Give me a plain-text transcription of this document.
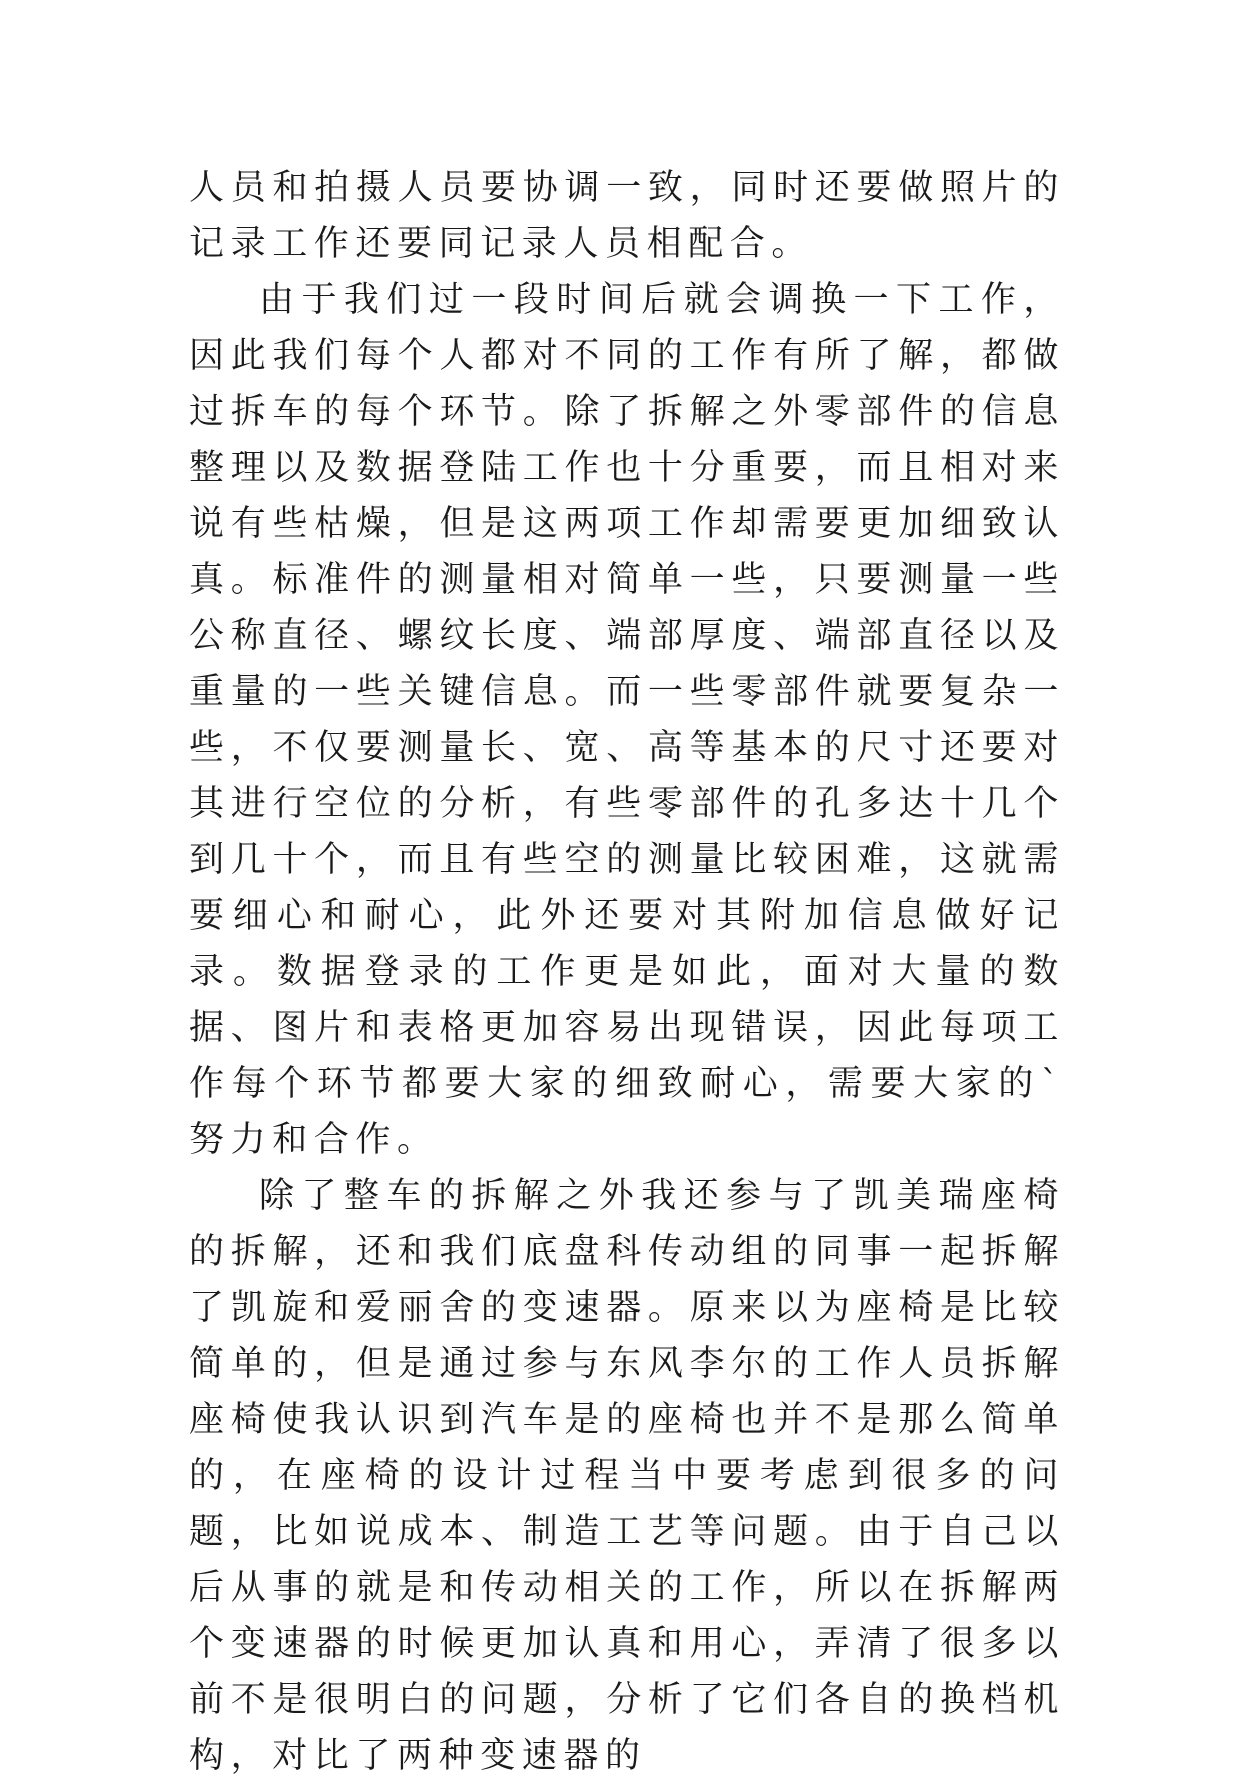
人员和拍摄人员要协调一致，同时还要做照片的记录工作还要同记录人员相配合。

由于我们过一段时间后就会调换一下工作，因此我们每个人都对不同的工作有所了解，都做过拆车的每个环节。除了拆解之外零部件的信息整理以及数据登陆工作也十分重要，而且相对来说有些枯燥，但是这两项工作却需要更加细致认真。标准件的测量相对简单一些，只要测量一些公称直径、螺纹长度、端部厚度、端部直径以及重量的一些关键信息。而一些零部件就要复杂一些，不仅要测量长、宽、高等基本的尺寸还要对其进行空位的分析，有些零部件的孔多达十几个到几十个，而且有些空的测量比较困难，这就需要细心和耐心，此外还要对其附加信息做好记录。数据登录的工作更是如此，面对大量的数据、图片和表格更加容易出现错误，因此每项工作每个环节都要大家的细致耐心，需要大家的`努力和合作。

除了整车的拆解之外我还参与了凯美瑞座椅的拆解，还和我们底盘科传动组的同事一起拆解了凯旋和爱丽舍的变速器。原来以为座椅是比较简单的，但是通过参与东风李尔的工作人员拆解座椅使我认识到汽车是的座椅也并不是那么简单的，在座椅的设计过程当中要考虑到很多的问题，比如说成本、制造工艺等问题。由于自己以后从事的就是和传动相关的工作，所以在拆解两个变速器的时候更加认真和用心，弄清了很多以前不是很明白的问题，分析了它们各自的换档机构，对比了两种变速器的
